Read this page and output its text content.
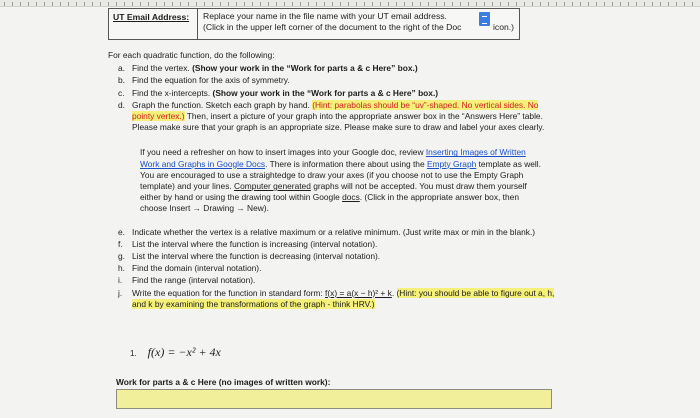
UT Email Address:	Replace your name in the file name with your UT email address.
(Click in the upper left corner of the document to the right of the Doc	icon.)

For each quadratic function, do the following:

a. Find the vertex. (Show your work in the “Work for parts a & c Here” box.)
b. Find the equation for the axis of symmetry.
c. Find the x-intercepts. (Show your work in the “Work for parts a & c Here” box.)
d. Graph the function. Sketch each graph by hand. (Hint: parabolas should be “uv”-shaped. No vertical sides. No pointy vertex.) Then, insert a picture of your graph into the appropriate answer box in the “Answers Here” table. Please make sure that your graph is an appropriate size. Please make sure to draw and label your axes clearly.
If you need a refresher on how to insert images into your Google doc, review Inserting Images of Written Work and Graphs in Google Docs. There is information there about using the Empty Graph template as well. You are encouraged to use a straightedge to draw your axes (if you choose not to use the Empty Graph template) and your lines. Computer generated graphs will not be accepted. You must draw them yourself either by hand or using the drawing tool within Google docs. (Click in the appropriate answer box, then choose Insert → Drawing → New).
e. Indicate whether the vertex is a relative maximum or a relative minimum. (Just write max or min in the blank.)
f.	List the interval where the function is increasing (interval notation).
g. List the interval where the function is decreasing (interval notation).
h. Find the domain (interval notation).
i.	Find the range (interval notation).
j.	Write the equation for the function in standard form: f(x) = a(x − h)² + k. (Hint: you should be able to figure out a, h, and k by examining the transformations of the graph - think HRV.)
1. f(x) = −x² + 4x
Work for parts a & c Here (no images of written work):
